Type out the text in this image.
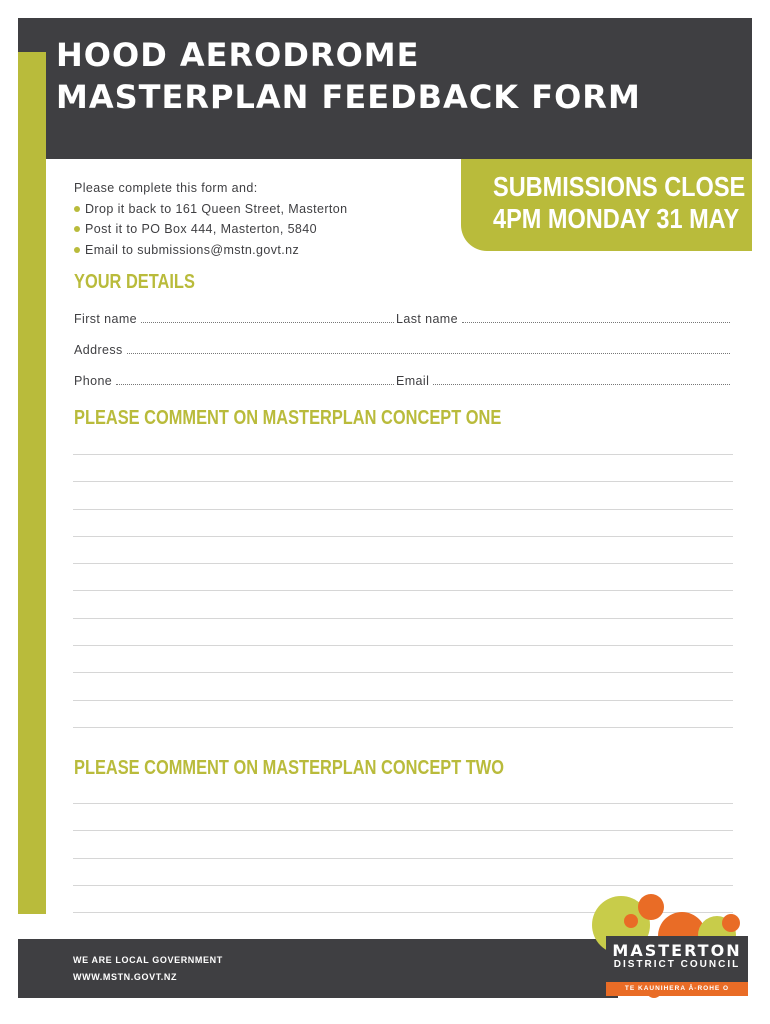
HOOD AERODROME
MASTERPLAN FEEDBACK FORM
SUBMISSIONS CLOSE
4PM MONDAY 31 MAY
Please complete this form and:
Drop it back to 161 Queen Street, Masterton
Post it to PO Box 444, Masterton, 5840
Email to submissions@mstn.govt.nz
YOUR DETAILS
First name	Last name
Address
Phone	Email
PLEASE COMMENT ON MASTERPLAN CONCEPT ONE
PLEASE COMMENT ON MASTERPLAN CONCEPT TWO
WE ARE LOCAL GOVERNMENT
WWW.MSTN.GOVT.NZ
MASTERTON
DISTRICT COUNCIL
TE KAUNIHERA Ā-ROHE O WHAKAORIORI
